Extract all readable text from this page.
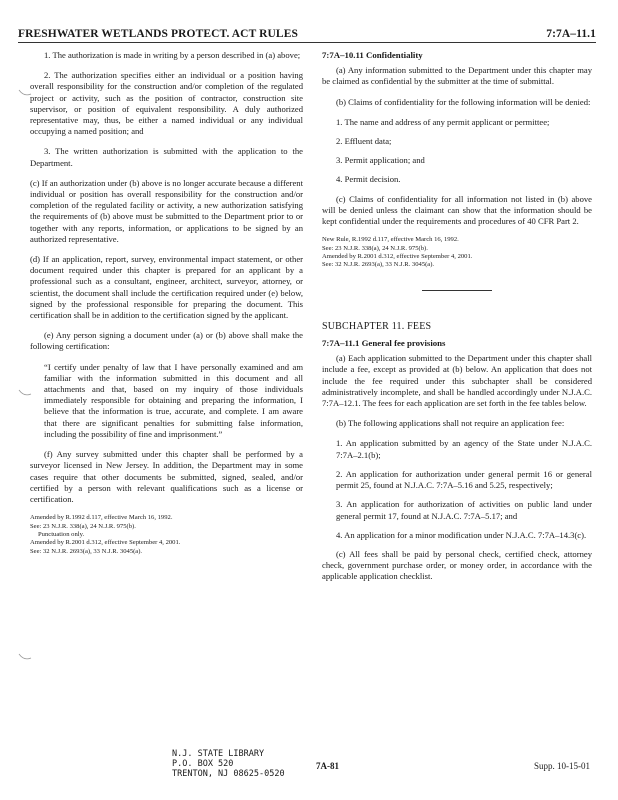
FRESHWATER WETLANDS PROTECT. ACT RULES	7:7A–11.1

1. The authorization is made in writing by a person described in (a) above;

2. The authorization specifies either an individual or a position having overall responsibility for the construction and/or completion of the regulated project or activity, such as the position of contractor, construction site supervisor, or position of equivalent responsibility. A duly authorized representative may, thus, be either a named individual or any individual occupying a named position; and

3. The written authorization is submitted with the application to the Department.

(c) If an authorization under (b) above is no longer accurate because a different individual or position has overall responsibility for the construction and/or completion of the regulated facility or activity, a new authorization satisfying the requirements of (b) above must be submitted to the Department prior to or together with any reports, information, or applications to be signed by an authorized representative.

(d) If an application, report, survey, environmental impact statement, or other document required under this chapter is prepared for an applicant by a professional such as a consultant, engineer, architect, surveyor, attorney, or scientist, the document shall include the certification required under (e) below, signed by the professional responsible for preparing the document. This certification shall be in addition to the certification signed by the applicant.

(e) Any person signing a document under (a) or (b) above shall make the following certification:

“I certify under penalty of law that I have personally examined and am familiar with the information submitted in this document and all attachments and that, based on my inquiry of those individuals immediately responsible for obtaining and preparing the information, I believe that the information is true, accurate, and complete. I am aware that there are significant penalties for submitting false information, including the possibility of fine and imprisonment.”

(f) Any survey submitted under this chapter shall be performed by a surveyor licensed in New Jersey. In addition, the Department may in some cases require that other documents be submitted, signed, sealed, and/or certified by a person with relevant qualifications such as a license or certification.

Amended by R.1992 d.117, effective March 16, 1992.
See: 23 N.J.R. 338(a), 24 N.J.R. 975(b).
Punctuation only.
Amended by R.2001 d.312, effective September 4, 2001.
See: 32 N.J.R. 2693(a), 33 N.J.R. 3045(a).
7:7A–10.11 Confidentiality

(a) Any information submitted to the Department under this chapter may be claimed as confidential by the submitter at the time of submittal.

(b) Claims of confidentiality for the following information will be denied:

1. The name and address of any permit applicant or permittee;

2. Effluent data;

3. Permit application; and

4. Permit decision.

(c) Claims of confidentiality for all information not listed in (b) above will be denied unless the claimant can show that the information should be kept confidential under the requirements and procedures of 40 CFR Part 2.

New Rule, R.1992 d.117, effective March 16, 1992.
See: 23 N.J.R. 338(a), 24 N.J.R. 975(b).
Amended by R.2001 d.312, effective September 4, 2001.
See: 32 N.J.R. 2693(a), 33 N.J.R. 3045(a).
SUBCHAPTER 11. FEES
7:7A–11.1 General fee provisions

(a) Each application submitted to the Department under this chapter shall include a fee, except as provided at (b) below. An application that does not include the fee required under this subchapter shall be considered administratively incomplete, and shall be handled accordingly under N.J.A.C. 7:7A–12.1. The fees for each application are set forth in the fee tables below.

(b) The following applications shall not require an application fee:

1. An application submitted by an agency of the State under N.J.A.C. 7:7A–2.1(b);

2. An application for authorization under general permit 16 or general permit 25, found at N.J.A.C. 7:7A–5.16 and 5.25, respectively;

3. An application for authorization of activities on public land under general permit 17, found at N.J.A.C. 7:7A–5.17; and

4. An application for a minor modification under N.J.A.C. 7:7A–14.3(c).

(c) All fees shall be paid by personal check, certified check, attorney check, government purchase order, or money order, in accordance with the applicable application checklist.

N.J. STATE LIBRARY
P.O. BOX 520
TRENTON, NJ 08625-0520
7A-81	Supp. 10-15-01
